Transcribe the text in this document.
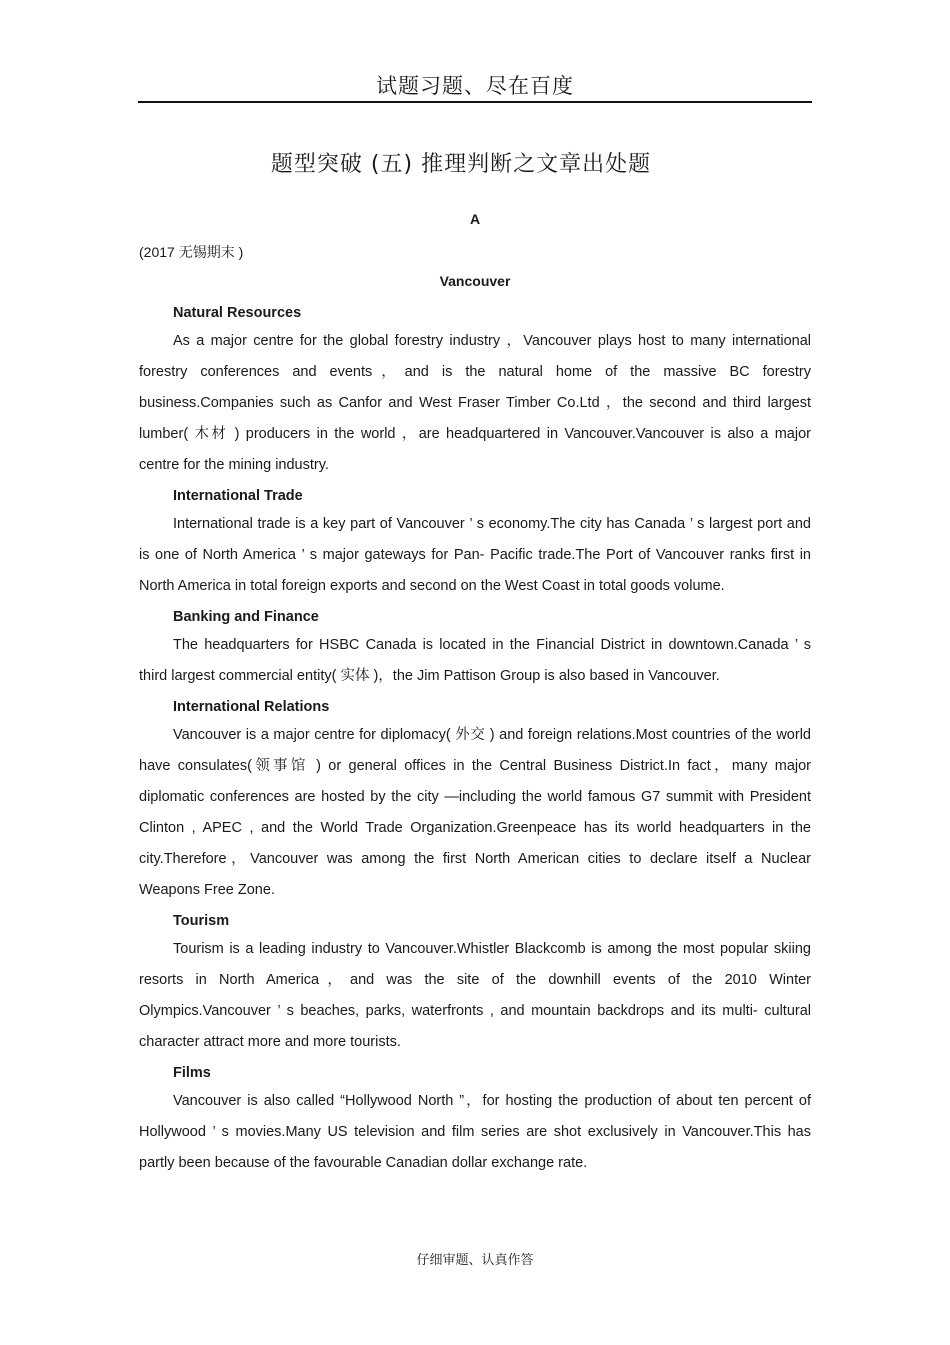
试题习题、尽在百度
题型突破 (五) 推理判断之文章出处题
A
(2017 无锡期末 )
Vancouver
Natural Resources

As a major centre for the global forestry industry ，Vancouver plays host to many international forestry conferences and events，and is the natural home of the massive BC forestry business.Companies such as Canfor and West Fraser Timber Co.Ltd ，the second and third largest lumber( 木材 ) producers in the world ，are headquartered in Vancouver.Vancouver is also a major centre for the mining industry.

International Trade

International trade is a key part of Vancouver ’ s economy.The city has Canada ’ s largest port and is one of North America ’ s major gateways for Pan- Pacific trade.The Port of Vancouver ranks first in North America in total foreign exports and second on the West Coast in total goods volume.

Banking and Finance

The headquarters for HSBC Canada is located in the Financial District in downtown.Canada ’ s third largest commercial entity( 实体 )，the Jim Pattison Group is also based in Vancouver.

International Relations

Vancouver is a major centre for diplomacy( 外交 ) and foreign relations.Most countries of the world have consulates(领事馆 ) or general offices in the Central Business District.In fact，many major diplomatic conferences are hosted by the city —including the world famous G7 summit with President Clinton , APEC , and the World Trade Organization.Greenpeace has its world headquarters in the city.Therefore，Vancouver was among the first North American cities to declare itself a Nuclear Weapons Free Zone.

Tourism

Tourism is a leading industry to Vancouver.Whistler Blackcomb is among the most popular skiing resorts in North America，and was the site of the downhill events of the 2010 Winter Olympics.Vancouver ’ s beaches, parks, waterfronts , and mountain backdrops and its multi- cultural character attract more and more tourists.

Films

Vancouver is also called “Hollywood North ”，for hosting the production of about ten percent of Hollywood ’ s movies.Many US television and film series are shot exclusively in Vancouver.This has partly been because of the favourable Canadian dollar exchange rate.

仔细审题、认真作答
